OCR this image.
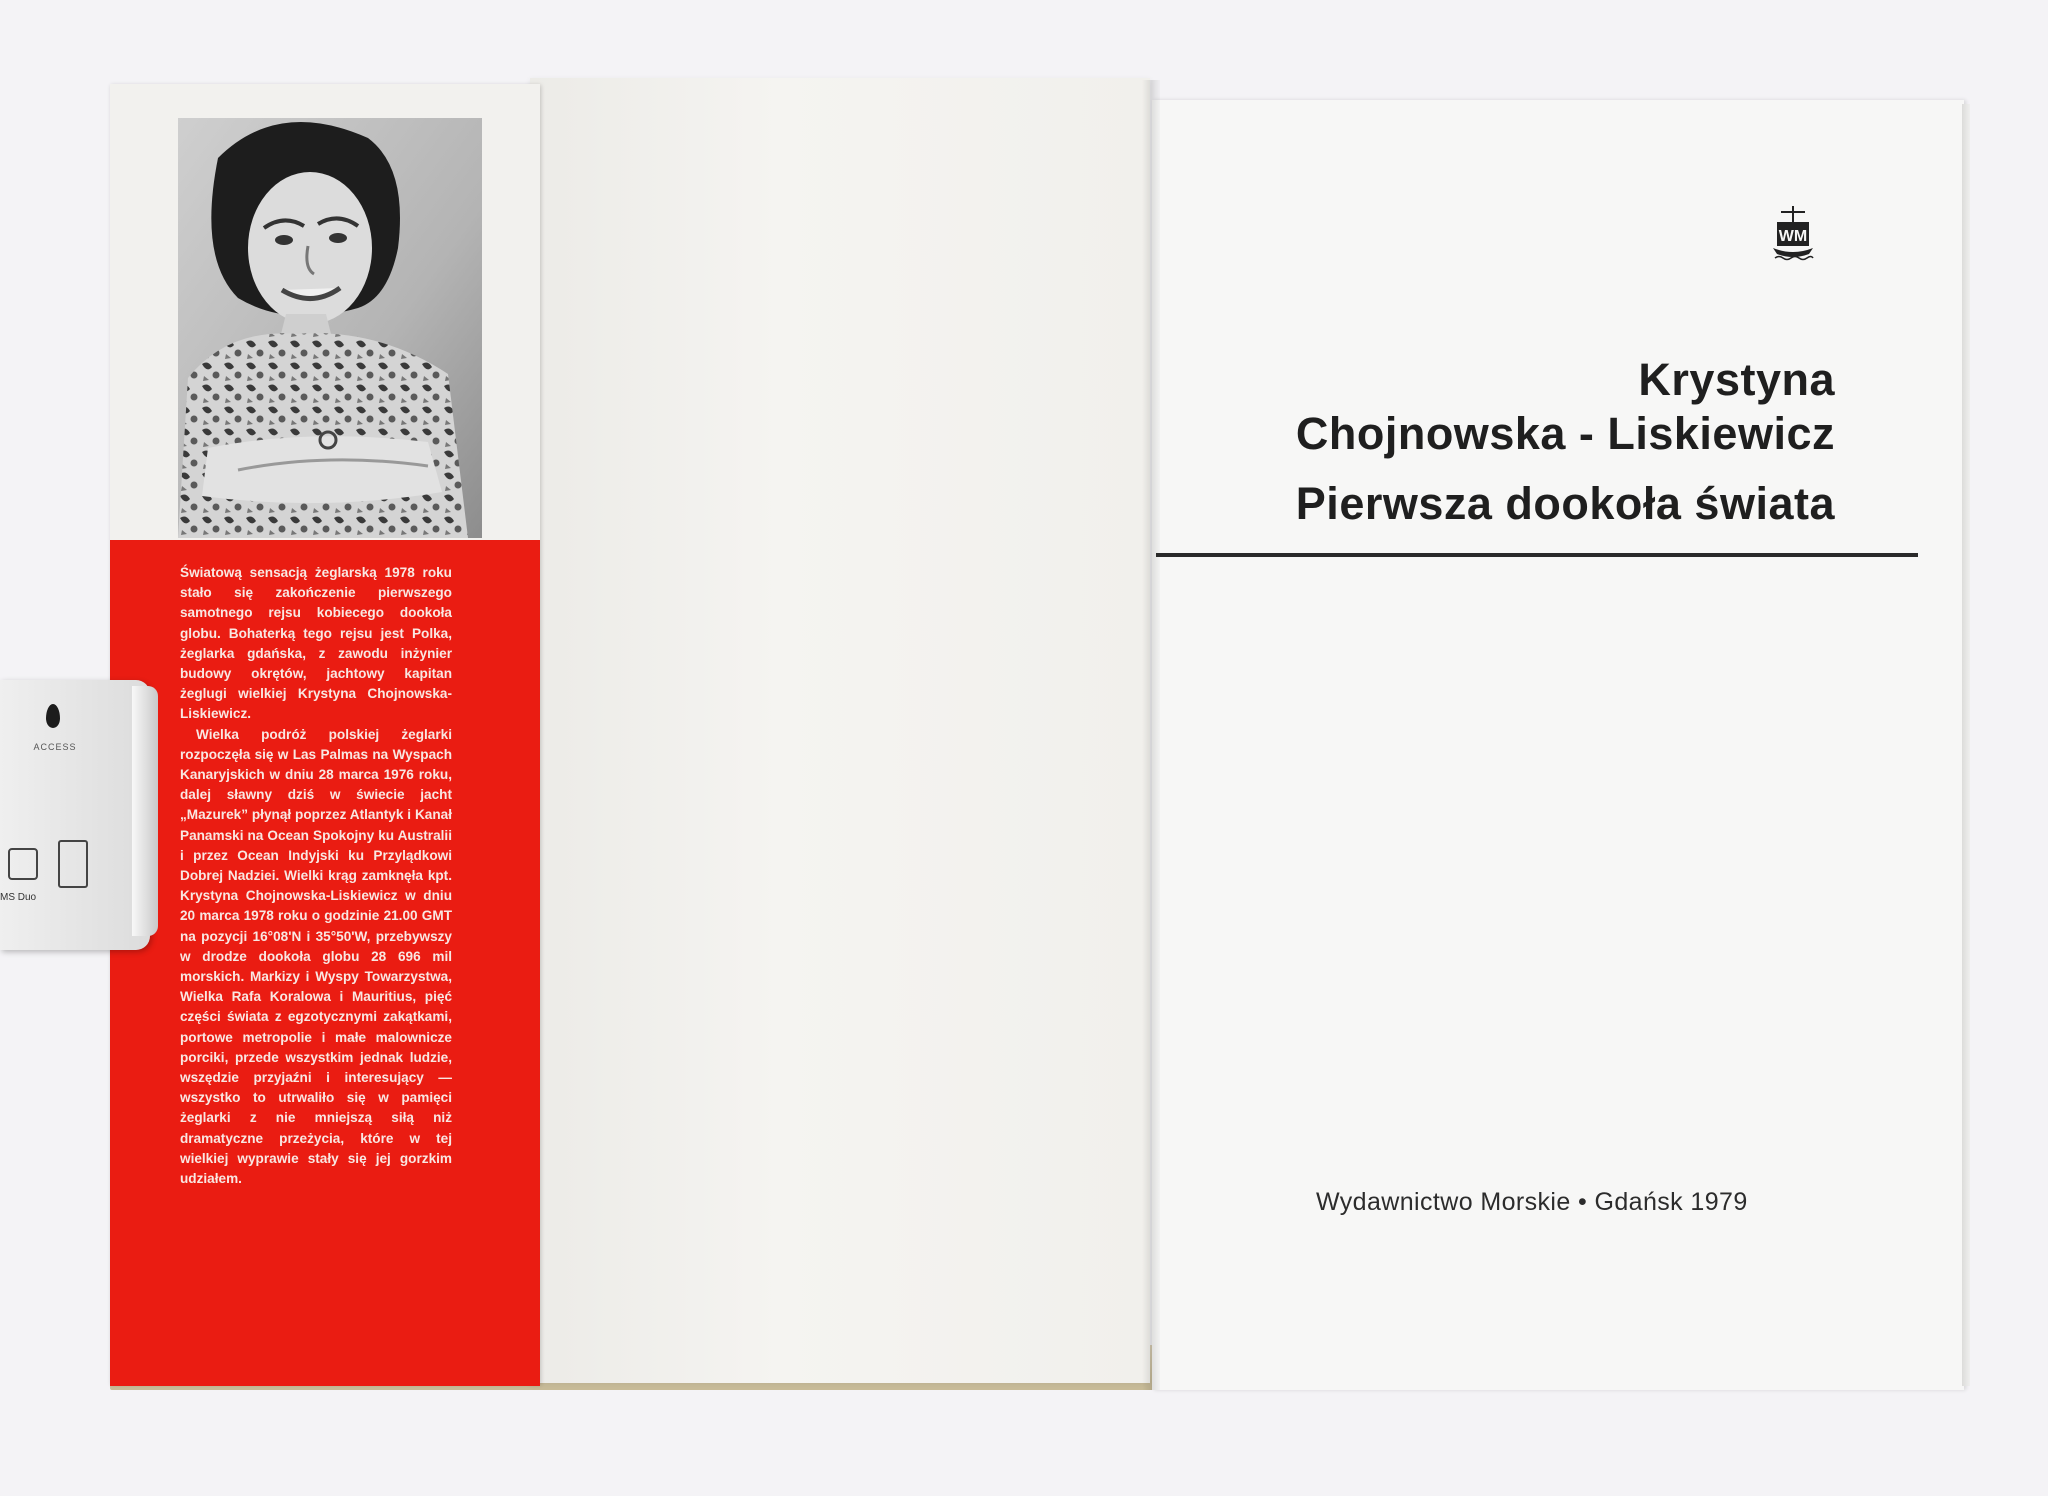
Światową sensacją żeglarską 1978 roku stało się zakończenie pierwszego samotnego rejsu kobiecego dookoła globu. Bohaterką tego rejsu jest Polka, żeglarka gdańska, z zawodu inżynier budowy okrętów, jachtowy kapitan żeglugi wielkiej Krystyna Chojnowska-Liskiewicz.

Wielka podróż polskiej żeglarki rozpoczęła się w Las Palmas na Wyspach Kanaryjskich w dniu 28 marca 1976 roku, dalej sławny dziś w świecie jacht „Mazurek” płynął poprzez Atlantyk i Kanał Panamski na Ocean Spokojny ku Australii i przez Ocean Indyjski ku Przylądkowi Dobrej Nadziei. Wielki krąg zamknęła kpt. Krystyna Chojnowska-Liskiewicz w dniu 20 marca 1978 roku o godzinie 21.00 GMT na pozycji 16°08'N i 35°50'W, przebywszy w drodze dookoła globu 28 696 mil morskich. Markizy i Wyspy Towarzystwa, Wielka Rafa Koralowa i Mauritius, pięć części świata z egzotycznymi zakątkami, portowe metropolie i małe malownicze porciki, przede wszystkim jednak ludzie, wszędzie przyjaźni i interesujący — wszystko to utrwaliło się w pamięci żeglarki z nie mniejszą siłą niż dramatyczne przeżycia, które w tej wielkiej wyprawie stały się jej gorzkim udziałem.

ACCESS
MS Duo
WM
Krystyna
Chojnowska - Liskiewicz
Pierwsza dookoła świata
Wydawnictwo Morskie • Gdańsk 1979
